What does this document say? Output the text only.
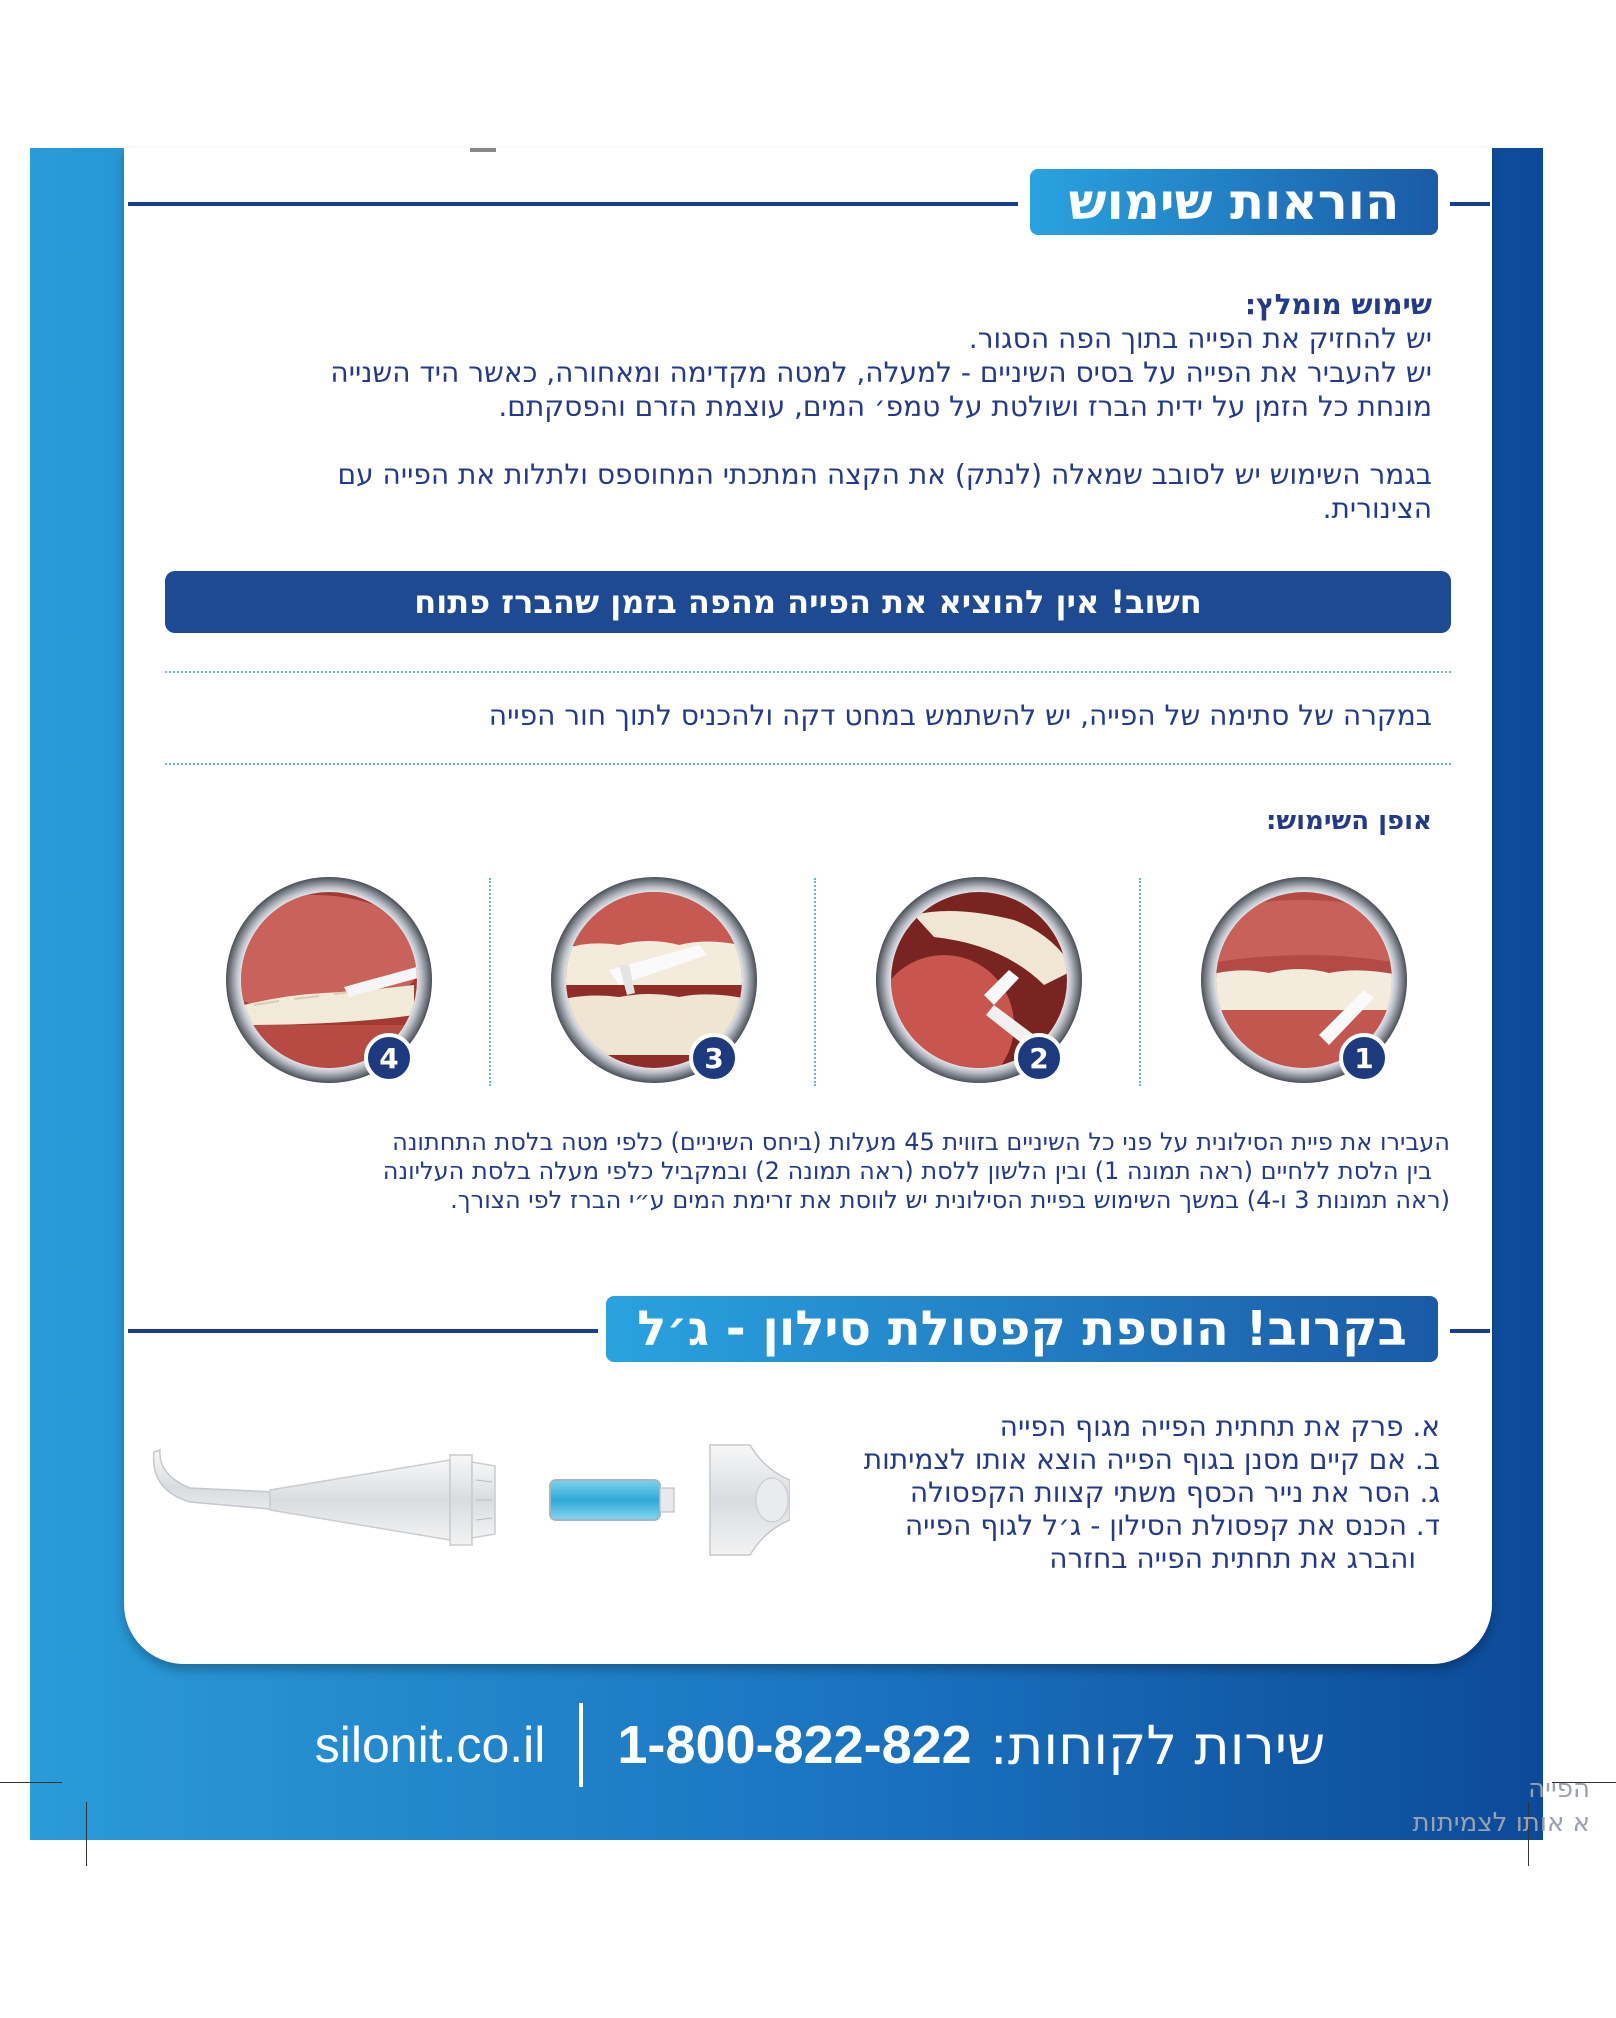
הוראות שימוש
שימוש מומלץ:
יש להחזיק את הפייה בתוך הפה הסגור.
יש להעביר את הפייה על בסיס השיניים - למעלה, למטה מקדימה ומאחורה, כאשר היד השנייה
מונחת כל הזמן על ידית הברז ושולטת על טמפ׳ המים, עוצמת הזרם והפסקתם.
בגמר השימוש יש לסובב שמאלה (לנתק) את הקצה המתכתי המחוספס ולתלות את הפייה עם
הצינורית.
חשוב! אין להוציא את הפייה מהפה בזמן שהברז פתוח
במקרה של סתימה של הפייה, יש להשתמש במחט דקה ולהכניס לתוך חור הפייה
אופן השימוש:
4	3	2	1
העבירו את פיית הסילונית על פני כל השיניים בזווית 45 מעלות (ביחס השיניים) כלפי מטה בלסת התחתונה
בין הלסת ללחיים (ראה תמונה 1) ובין הלשון ללסת (ראה תמונה 2) ובמקביל כלפי מעלה בלסת העליונה
(ראה תמונות 3 ו-4) במשך השימוש בפיית הסילונית יש לווסת את זרימת המים ע״י הברז לפי הצורך.
בקרוב! הוספת קפסולת סילון - ג׳ל
א. פרק את תחתית הפייה מגוף הפייה
ב. אם קיים מסנן בגוף הפייה הוצא אותו לצמיתות
ג. הסר את נייר הכסף משתי קצוות הקפסולה
ד. הכנס את קפסולת הסילון - ג׳ל לגוף הפייה
והברג את תחתית הפייה בחזרה
silonit.co.il 1-800-822-822 שירות לקוחות:
הפייה
א אותו לצמיתות
